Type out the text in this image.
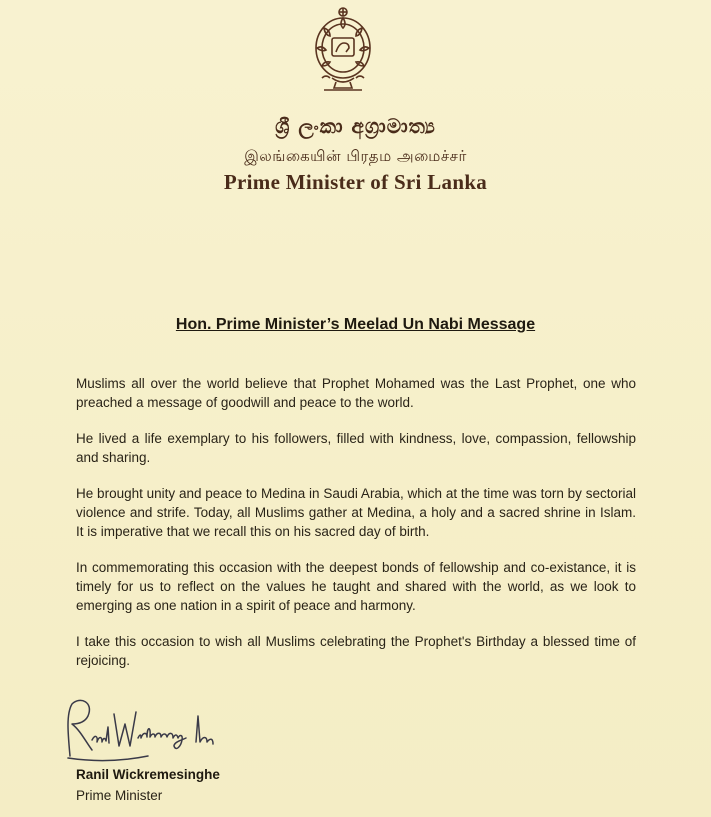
ශ්‍රී ලංකා අග්‍රාමාත්‍ය
இலங்கையின் பிரதம அமைச்சர்
Prime Minister of Sri Lanka
Hon. Prime Minister’s Meelad Un Nabi Message

Muslims all over the world believe that Prophet Mohamed was the Last Prophet, one who preached a message of goodwill and peace to the world.

He lived a life exemplary to his followers, filled with kindness, love, compassion, fellowship and sharing.

He brought unity and peace to Medina in Saudi Arabia, which at the time was torn by sectorial violence and strife. Today, all Muslims gather at Medina, a holy and a sacred shrine in Islam. It is imperative that we recall this on his sacred day of birth.

In commemorating this occasion with the deepest bonds of fellowship and co-existance, it is timely for us to reflect on the values he taught and shared with the world, as we look to emerging as one nation in a spirit of peace and harmony.

I take this occasion to wish all Muslims celebrating the Prophet's Birthday a blessed time of rejoicing.

Ranil Wickremesinghe
Prime Minister
